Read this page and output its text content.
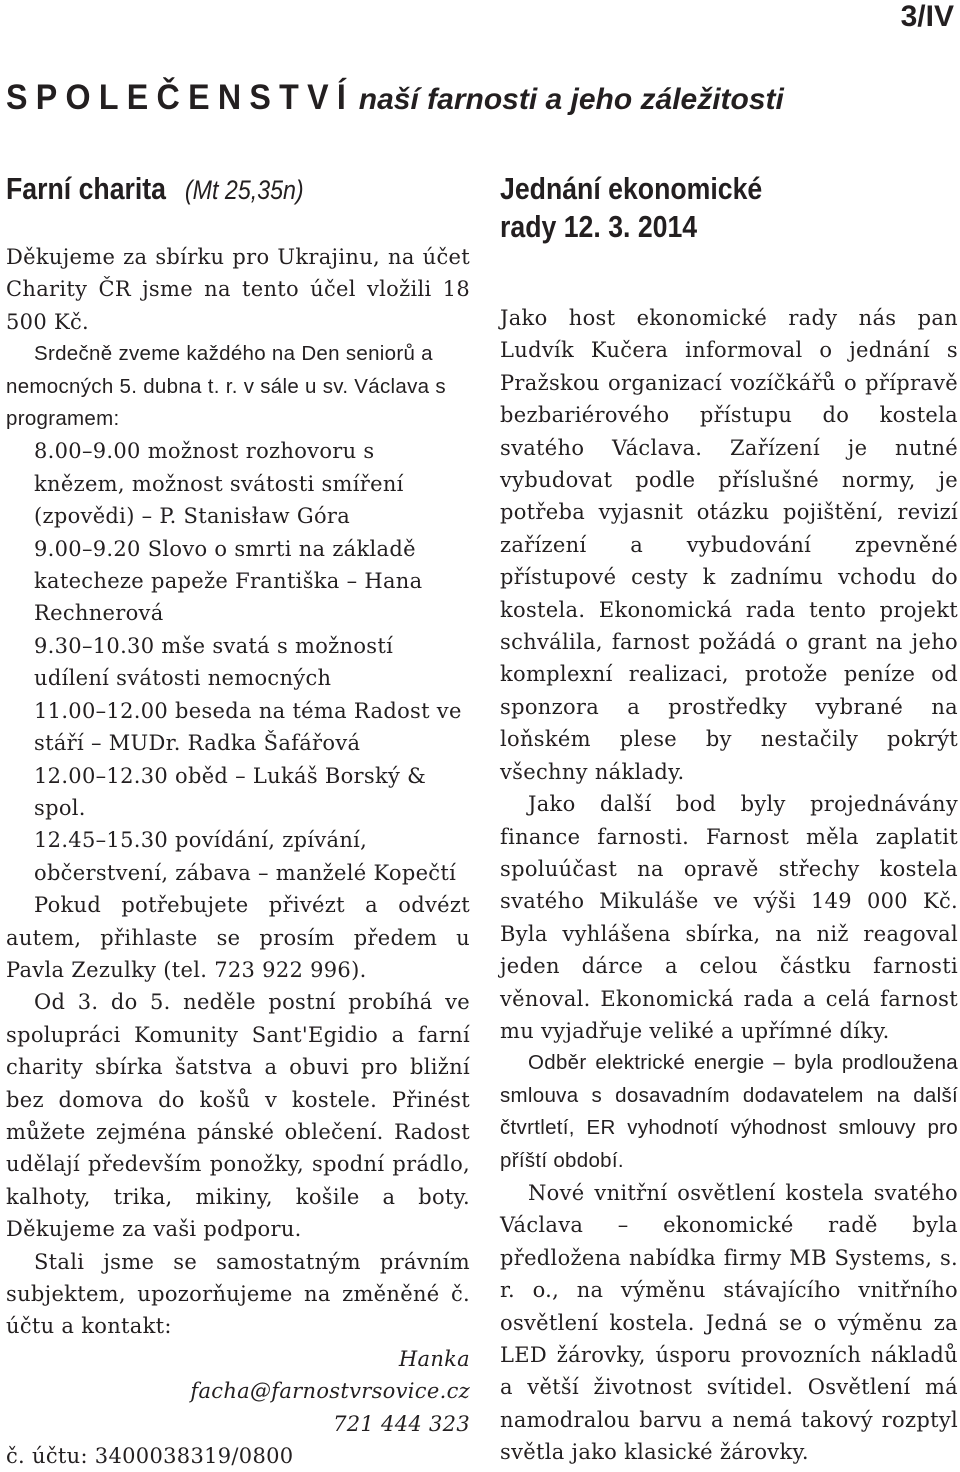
3/IV
SPOLEČENSTVÍ naší farnosti a jeho záležitosti
Farní charita (Mt 25,35n)

Děkujeme za sbírku pro Ukrajinu, na účet Charity ČR jsme na tento účel vložili 18 500 Kč.

Srdečně zveme každého na Den seniorů a nemocných 5. dubna t. r. v sále u sv. Václava s programem:

8.00–9.00 možnost rozhovoru s knězem, možnost svátosti smíření (zpovědi) – P. Stanisław Góra

9.00–9.20 Slovo o smrti na základě katecheze papeže Františka – Hana Rechnerová

9.30–10.30 mše svatá s možností udílení svátosti nemocných

11.00–12.00 beseda na téma Radost ve stáří – MUDr. Radka Šafářová

12.00–12.30 oběd – Lukáš Borský & spol.

12.45–15.30 povídání, zpívání, občerstvení, zábava – manželé Kopečtí

Pokud potřebujete přivézt a odvézt autem, přihlaste se prosím předem u Pavla Zezulky (tel. 723 922 996).

Od 3. do 5. neděle postní probíhá ve spolupráci Komunity Sant'Egidio a farní charity sbírka šatstva a obuvi pro bližní bez domova do košů v kostele. Přinést můžete zejména pánské oblečení. Radost udělají především ponožky, spodní prádlo, kalhoty, trika, mikiny, košile a boty. Děkujeme za vaši podporu.

Stali jsme se samostatným právním subjektem, upozorňujeme na změněné č. účtu a kontakt:

Hanka

facha@farnostvrsovice.cz

721 444 323

č. účtu: 3400038319/0800

Jednání ekonomické rady 12. 3. 2014

Jako host ekonomické rady nás pan Ludvík Kučera informoval o jednání s Pražskou organizací vozíčkářů o přípravě bezbariérového přístupu do kostela svatého Václava. Zařízení je nutné vybudovat podle příslušné normy, je potřeba vyjasnit otázku pojištění, revizí zařízení a vybudování zpevněné přístupové cesty k zadnímu vchodu do kostela. Ekonomická rada tento projekt schválila, farnost požádá o grant na jeho komplexní realizaci, protože peníze od sponzora a prostředky vybrané na loňském plese by nestačily pokrýt všechny náklady.

Jako další bod byly projednávány finance farnosti. Farnost měla zaplatit spoluúčast na opravě střechy kostela svatého Mikuláše ve výši 149 000 Kč. Byla vyhlášena sbírka, na niž reagoval jeden dárce a celou částku farnosti věnoval. Ekonomická rada a celá farnost mu vyjadřuje veliké a upřímné díky.

Odběr elektrické energie – byla prodloužena smlouva s dosavadním dodavatelem na další čtvrtletí, ER vyhodnotí výhodnost smlouvy pro příští období.

Nové vnitřní osvětlení kostela svatého Václava – ekonomické radě byla předložena nabídka firmy MB Systems, s. r. o., na výměnu stávajícího vnitřního osvětlení kostela. Jedná se o výměnu za LED žárovky, úsporu provozních nákladů a větší životnost svítidel. Osvětlení má namodralou barvu a nemá takový rozptyl světla jako klasické žárovky.
